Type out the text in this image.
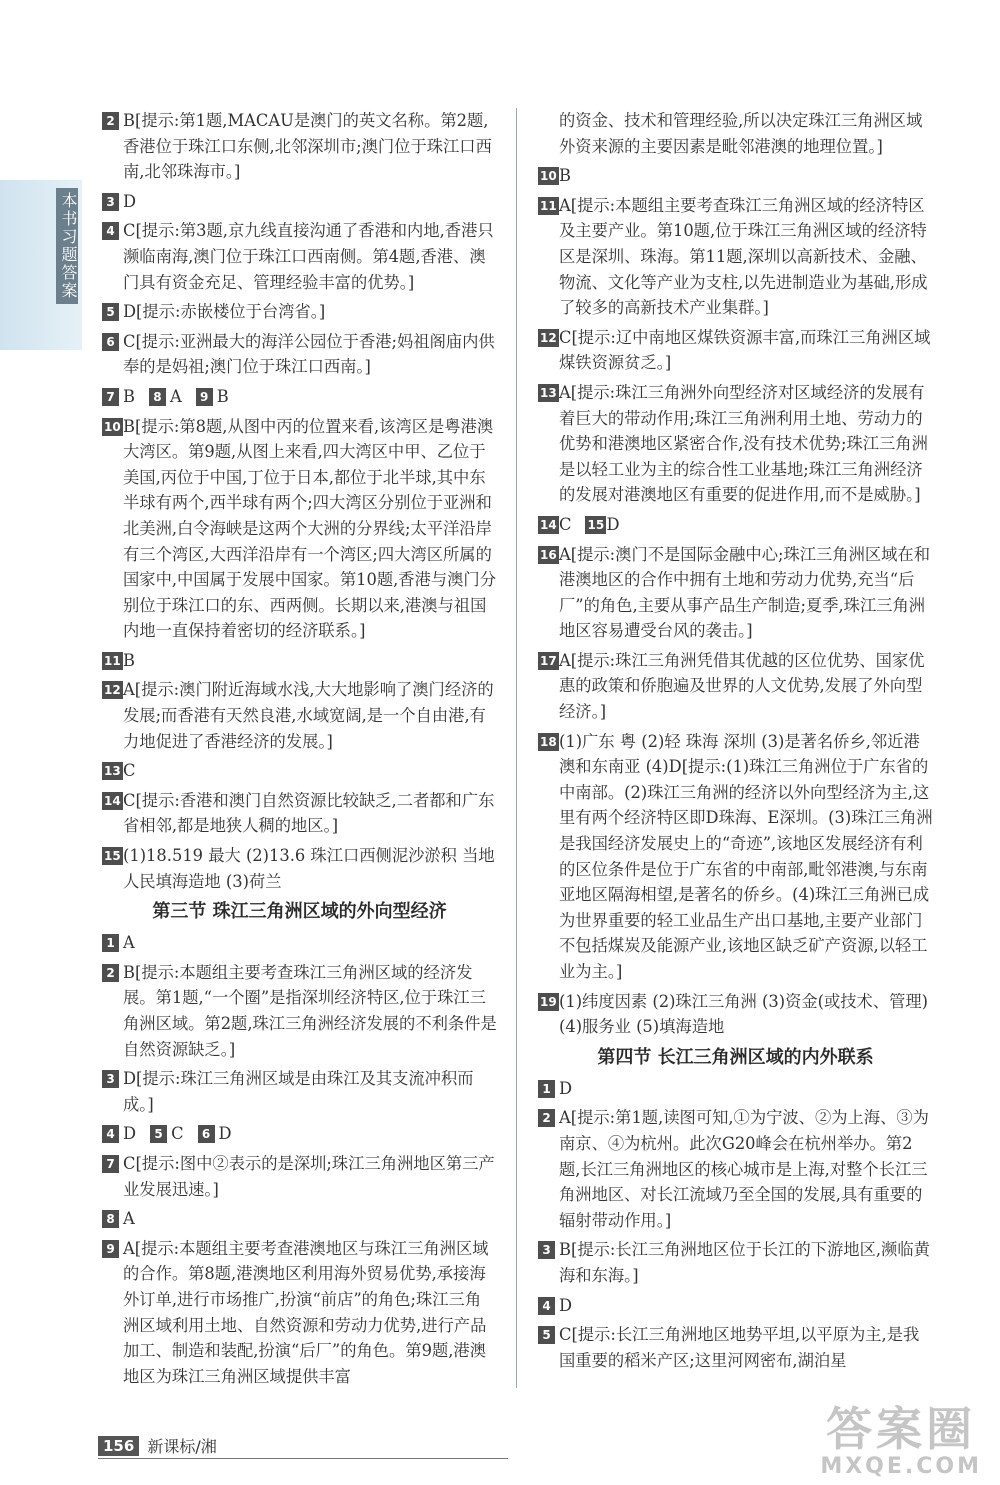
本书习题答案
2 B[提示:第1题,MACAU是澳门的英文名称。第2题,香港位于珠江口东侧,北邻深圳市;澳门位于珠江口西南,北邻珠海市。]
3 D
4 C[提示:第3题,京九线直接沟通了香港和内地,香港只濒临南海,澳门位于珠江口西南侧。第4题,香港、澳门具有资金充足、管理经验丰富的优势。]
5 D[提示:赤嵌楼位于台湾省。]
6 C[提示:亚洲最大的海洋公园位于香港;妈祖阁庙内供奉的是妈祖;澳门位于珠江口西南。]
7 B	8 A	9 B
10 B[提示:第8题,从图中丙的位置来看,该湾区是粤港澳大湾区。第9题,从图上来看,四大湾区中甲、乙位于美国,丙位于中国,丁位于日本,都位于北半球,其中东半球有两个,西半球有两个;四大湾区分别位于亚洲和北美洲,白令海峡是这两个大洲的分界线;太平洋沿岸有三个湾区,大西洋沿岸有一个湾区;四大湾区所属的国家中,中国属于发展中国家。第10题,香港与澳门分别位于珠江口的东、西两侧。长期以来,港澳与祖国内地一直保持着密切的经济联系。]
11 B
12 A[提示:澳门附近海域水浅,大大地影响了澳门经济的发展;而香港有天然良港,水域宽阔,是一个自由港,有力地促进了香港经济的发展。]
13 C
14 C[提示:香港和澳门自然资源比较缺乏,二者都和广东省相邻,都是地狭人稠的地区。]
15 (1)18.519 最大 (2)13.6 珠江口西侧泥沙淤积 当地人民填海造地 (3)荷兰
第三节 珠江三角洲区域的外向型经济
1 A
2 B[提示:本题组主要考查珠江三角洲区域的经济发展。第1题,“一个圈”是指深圳经济特区,位于珠江三角洲区域。第2题,珠江三角洲经济发展的不利条件是自然资源缺乏。]
3 D[提示:珠江三角洲区域是由珠江及其支流冲积而成。]
4 D	5 C	6 D
7 C[提示:图中②表示的是深圳;珠江三角洲地区第三产业发展迅速。]
8 A
9 A[提示:本题组主要考查港澳地区与珠江三角洲区域的合作。第8题,港澳地区利用海外贸易优势,承接海外订单,进行市场推广,扮演“前店”的角色;珠江三角洲区域利用土地、自然资源和劳动力优势,进行产品加工、制造和装配,扮演“后厂”的角色。第9题,港澳地区为珠江三角洲区域提供丰富
的资金、技术和管理经验,所以决定珠江三角洲区域外资来源的主要因素是毗邻港澳的地理位置。]
10 B
11 A[提示:本题组主要考查珠江三角洲区域的经济特区及主要产业。第10题,位于珠江三角洲区域的经济特区是深圳、珠海。第11题,深圳以高新技术、金融、物流、文化等产业为支柱,以先进制造业为基础,形成了较多的高新技术产业集群。]
12 C[提示:辽中南地区煤铁资源丰富,而珠江三角洲区域煤铁资源贫乏。]
13 A[提示:珠江三角洲外向型经济对区域经济的发展有着巨大的带动作用;珠江三角洲利用土地、劳动力的优势和港澳地区紧密合作,没有技术优势;珠江三角洲是以轻工业为主的综合性工业基地;珠江三角洲经济的发展对港澳地区有重要的促进作用,而不是威胁。]
14 C 15 D
16 A[提示:澳门不是国际金融中心;珠江三角洲区域在和港澳地区的合作中拥有土地和劳动力优势,充当“后厂”的角色,主要从事产品生产制造;夏季,珠江三角洲地区容易遭受台风的袭击。]
17 A[提示:珠江三角洲凭借其优越的区位优势、国家优惠的政策和侨胞遍及世界的人文优势,发展了外向型经济。]
18 (1)广东 粤 (2)轻 珠海 深圳 (3)是著名侨乡,邻近港澳和东南亚 (4)D[提示:(1)珠江三角洲位于广东省的中南部。(2)珠江三角洲的经济以外向型经济为主,这里有两个经济特区即D珠海、E深圳。(3)珠江三角洲是我国经济发展史上的“奇迹”,该地区发展经济有利的区位条件是位于广东省的中南部,毗邻港澳,与东南亚地区隔海相望,是著名的侨乡。(4)珠江三角洲已成为世界重要的轻工业品生产出口基地,主要产业部门不包括煤炭及能源产业,该地区缺乏矿产资源,以轻工业为主。]
19 (1)纬度因素 (2)珠江三角洲 (3)资金(或技术、管理) (4)服务业 (5)填海造地
第四节 长江三角洲区域的内外联系
1 D
2 A[提示:第1题,读图可知,①为宁波、②为上海、③为南京、④为杭州。此次G20峰会在杭州举办。第2题,长江三角洲地区的核心城市是上海,对整个长江三角洲地区、对长江流域乃至全国的发展,具有重要的辐射带动作用。]
3 B[提示:长江三角洲地区位于长江的下游地区,濒临黄海和东海。]
4 D
5 C[提示:长江三角洲地区地势平坦,以平原为主,是我国重要的稻米产区;这里河网密布,湖泊星
156 新课标/湘	答案圈
MXQE.COM
